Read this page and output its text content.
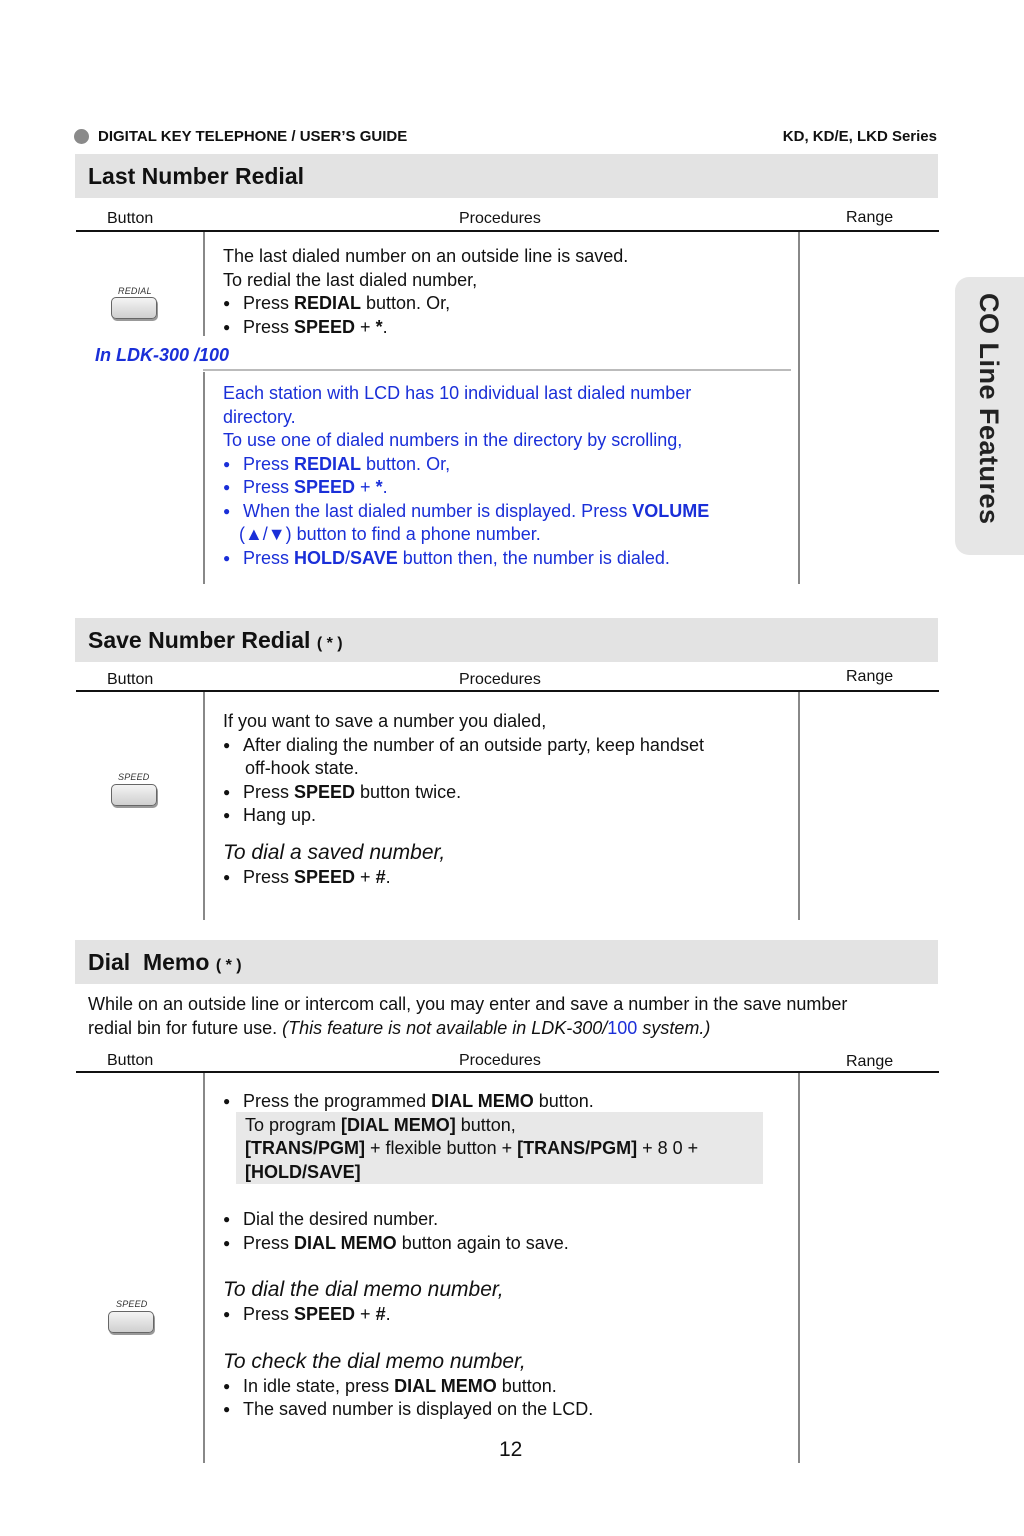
DIGITAL KEY TELEPHONE / USER’S GUIDE	KD, KD/E, LKD Series
CO Line Features
Last Number Redial
Button	Procedures	Range
REDIAL
The last dialed number on an outside line is saved.
To redial the last dialed number,
● Press REDIAL button. Or,
● Press SPEED + *.
In LDK-300 /100
Each station with LCD has 10 individual last dialed number
directory.
To use one of dialed numbers in the directory by scrolling,
● Press REDIAL button. Or,
● Press SPEED + *.
● When the last dialed number is displayed. Press VOLUME
(▲/▼) button to find a phone number.
● Press HOLD/SAVE button then, the number is dialed.
Save Number Redial ( * )
Button	Procedures	Range
SPEED
If you want to save a number you dialed,
● After dialing the number of an outside party, keep handset
off-hook state.
● Press SPEED button twice.
● Hang up.
To dial a saved number,
● Press SPEED + #.
Dial  Memo ( * )
While on an outside line or intercom call, you may enter and save a number in the save number
redial bin for future use. (This feature is not available in LDK-300/100 system.)
Button	Procedures	Range
SPEED
● Press the programmed DIAL MEMO button.
To program [DIAL MEMO] button,
[TRANS/PGM] + flexible button + [TRANS/PGM] + 8 0 +
[HOLD/SAVE]
● Dial the desired number.
● Press DIAL MEMO button again to save.
To dial the dial memo number,
● Press SPEED + #.
To check the dial memo number,
● In idle state, press DIAL MEMO button.
● The saved number is displayed on the LCD.
12
